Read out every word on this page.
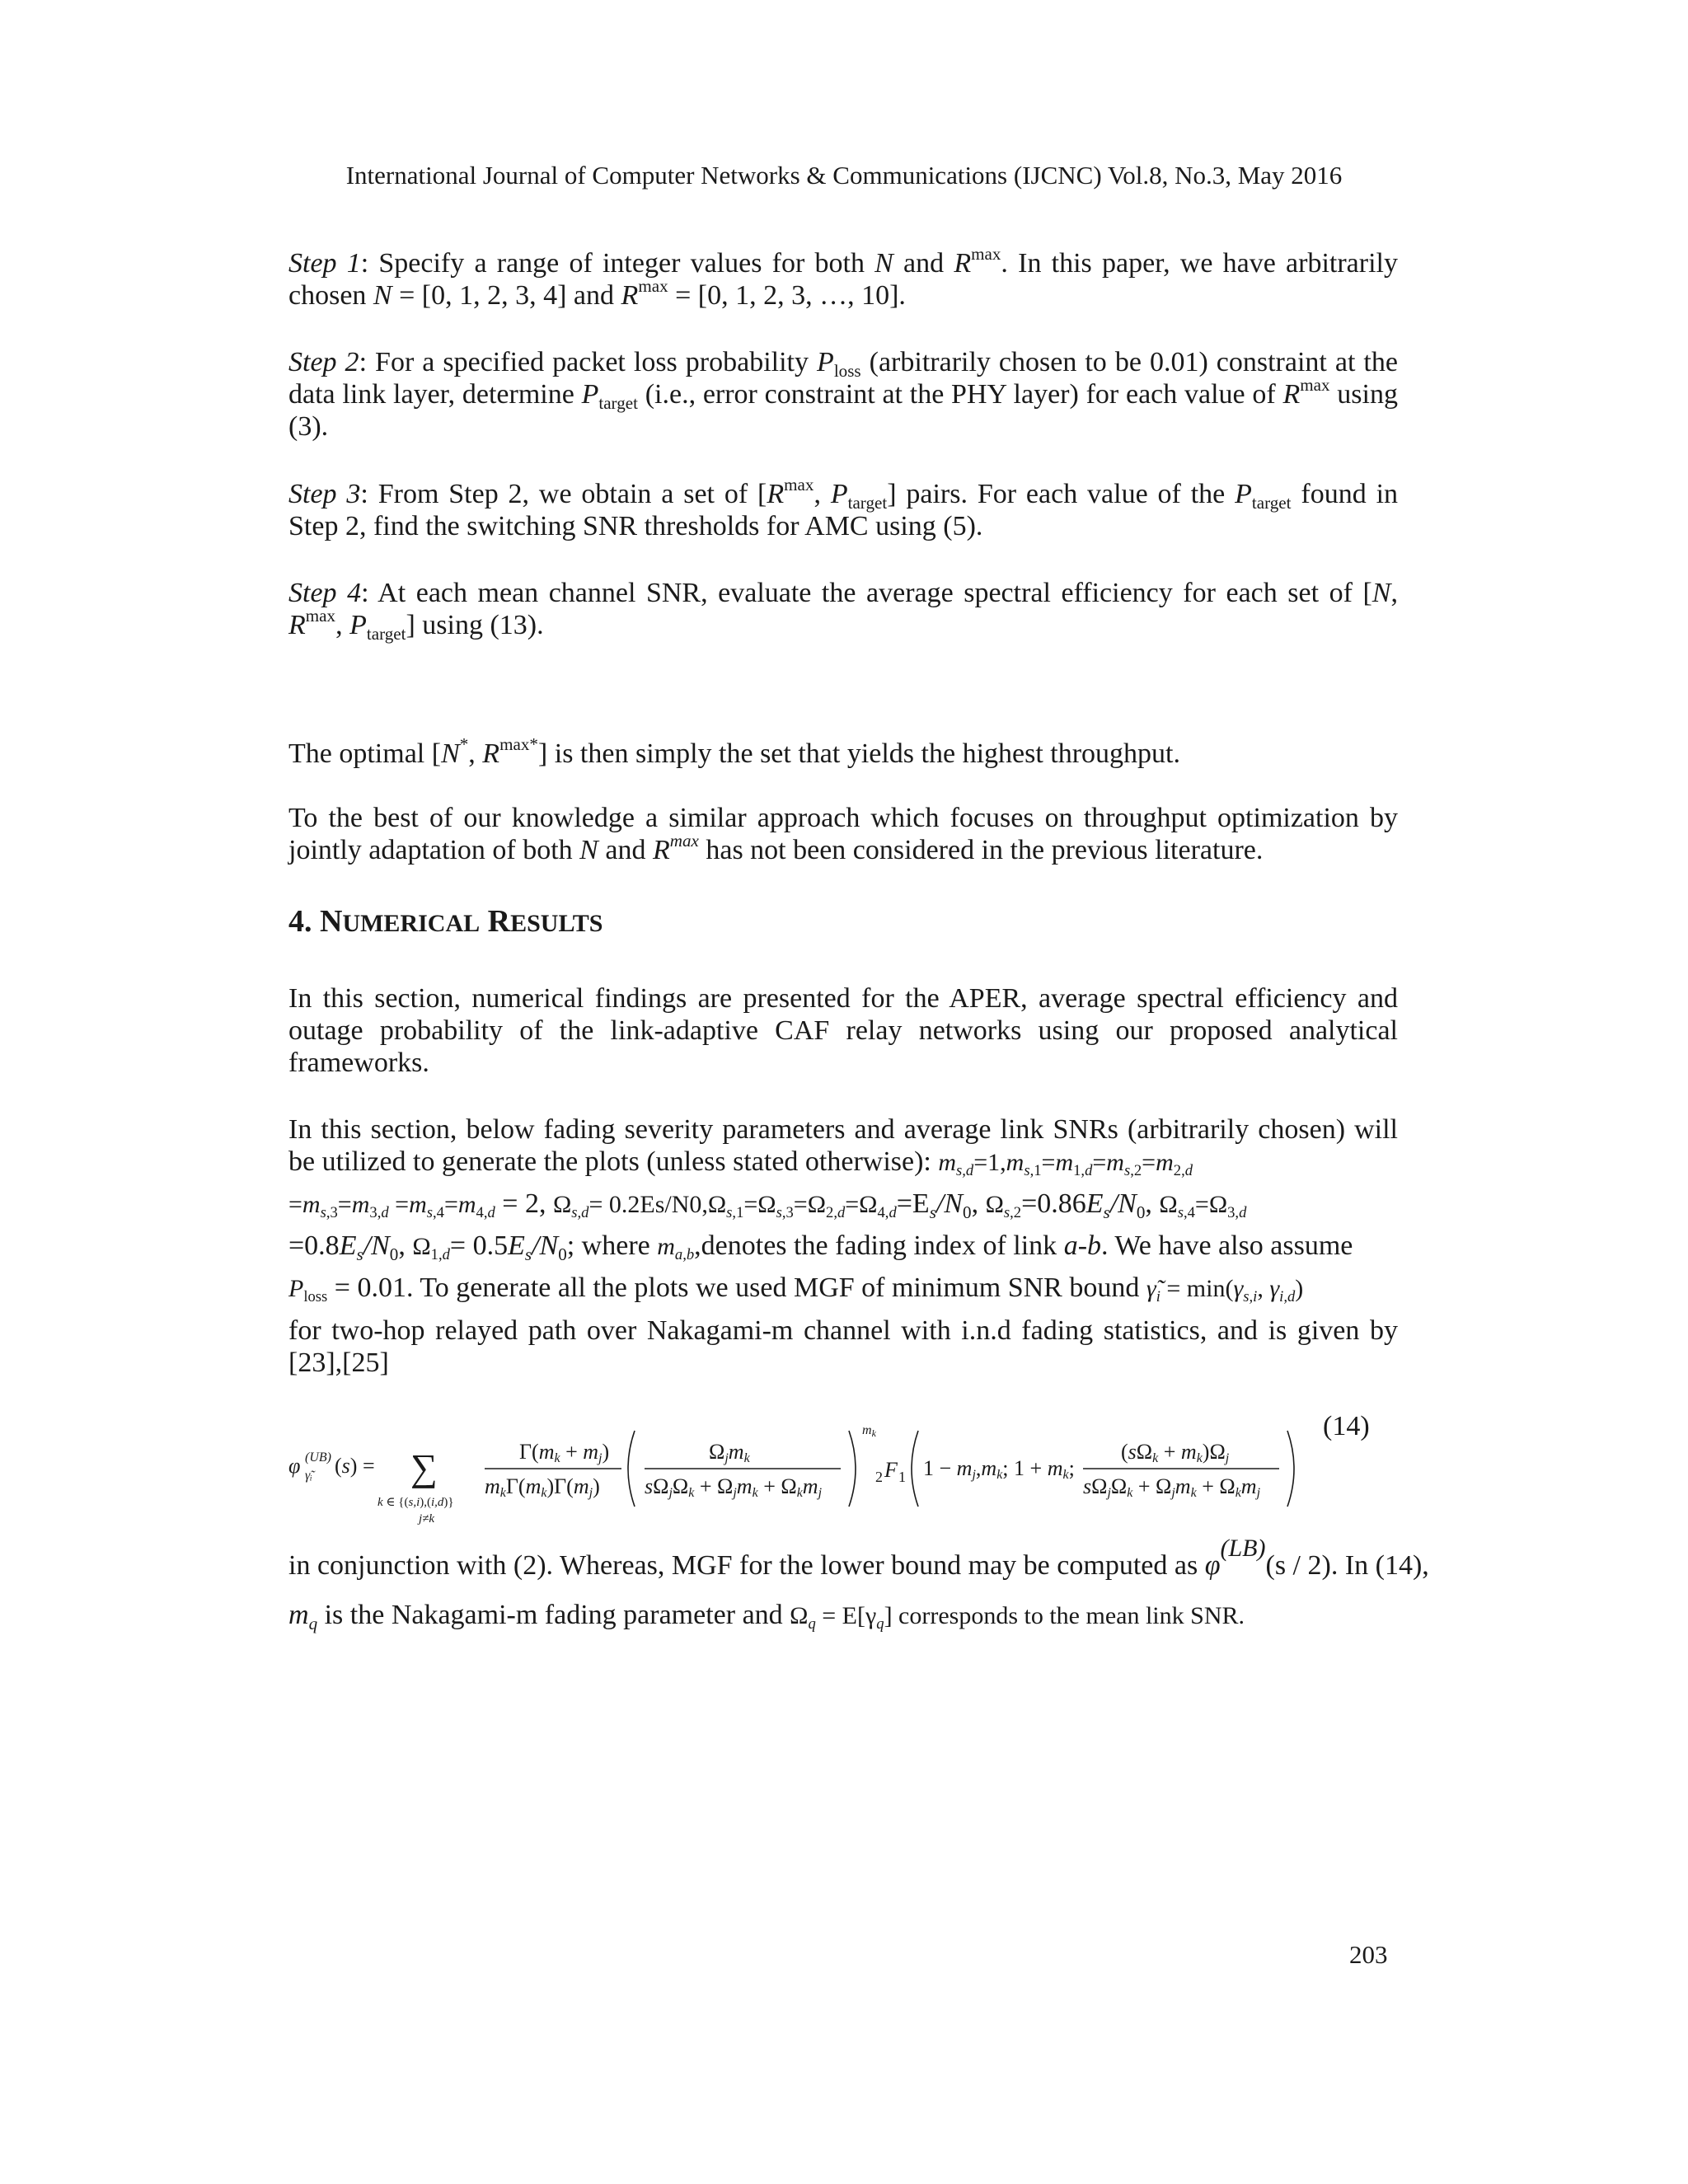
International Journal of Computer Networks & Communications (IJCNC) Vol.8, No.3, May 2016

Step 1: Specify a range of integer values for both N and $R^{max}$. In this paper, we have arbitrarily chosen N = [0, 1, 2, 3, 4] and $R^{max} = [0$, 1, 2, 3, …, 10].

Step 2: For a specified packet loss probability $P_{loss}$ (arbitrarily chosen to be 0.01) constraint at the data link layer, determine $P_{target}$ (i.e., error constraint at the PHY layer) for each value of $R^{max}$ using (3).

Step 3: From Step 2, we obtain a set of [$R^{max}$, $P_{target}$] pairs. For each value of the $P_{target}$ found in Step 2, find the switching SNR thresholds for AMC using (5).

Step 4: At each mean channel SNR, evaluate the average spectral efficiency for each set of [N, $R^{max}$, $P_{target}$] using (13).

The optimal [N*, $R^{max*}$] is then simply the set that yields the highest throughput.

To the best of our knowledge a similar approach which focuses on throughput optimization by jointly adaptation of both N and $R^{max}$ has not been considered in the previous literature.

4. NUMERICAL RESULTS

In this section, numerical findings are presented for the APER, average spectral efficiency and outage probability of the link-adaptive CAF relay networks using our proposed analytical frameworks.

In this section, below fading severity parameters and average link SNRs (arbitrarily chosen) will be utilized to generate the plots (unless stated otherwise): $m_{s,d}=1,m_{s,1}=m_{1,d}=m_{s,2}=m_{2,d}$
$=m_{s,3}=m_{3,d} =m_{s,4}=m_{4,d} = 2$, $\Omega_{s,d}= 0.2Es/N0,\Omega_{s,1}=\Omega_{s,3}=\Omega_{2,d}=\Omega_{4,d}=E_s/N_0$, $\Omega_{s,2}=0.86E_s/N_0$, $\Omega_{s,4}=\Omega_{3,d}$
$=0.8E_s/N_0$, $\Omega_{1,d}= 0.5E_s/N_0$; where $m_{a,b},denotes$ the fading index of link a-b. We have also assume
$P_{loss} = 0.01$. To generate all the plots we used MGF of minimum SNR bound $\gammã_i = \min(\gamma_{s,i}$, $\gamma_{i,d}$)

for two-hop relayed path over Nakagami-m channel with i.n.d fading statistics, and is given by [23],[25]

φ (UB)
γ̃ᵢ (s) = ∑
k ∈ {(s,i),(i,d)}
j≠k
Γ(mk + mj)
mkΓ(mk)Γ(mj)
Ωjmk
sΩjΩk + Ωjmk + Ωkmj
mk
2 F 1 1 − mj,mk; 1 + mk;
(sΩk + mk)Ωj
sΩjΩk + Ωjmk + Ωkmj
(14)
in conjunction with (2). Whereas, MGF for the lower bound may be computed as $\varphi^{(LB)}(s / 2)$. In (14),
$m_q$ is the Nakagami-m fading parameter and $\Omega_q = E[\gamma_q]$ corresponds to the mean link SNR.
203
